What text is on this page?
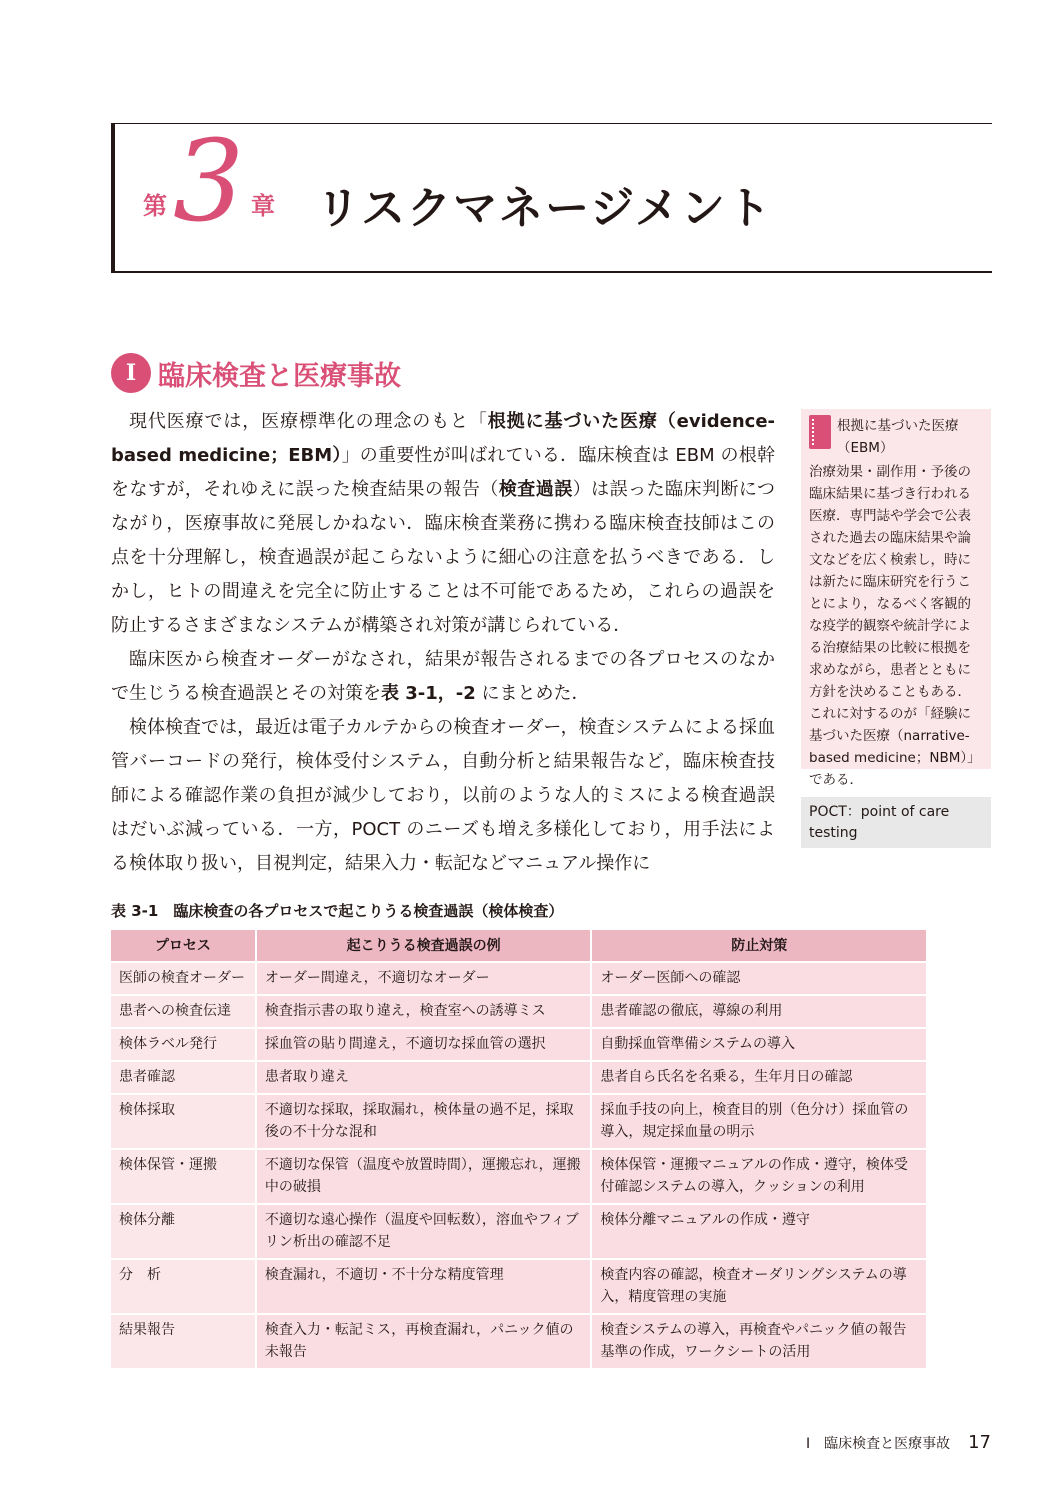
第 3 章 リスクマネージメント
I 臨床検査と医療事故

現代医療では，医療標準化の理念のもと「根拠に基づいた医療（evidence-based medicine；EBM）」の重要性が叫ばれている．臨床検査は EBM の根幹をなすが，それゆえに誤った検査結果の報告（検査過誤）は誤った臨床判断につながり，医療事故に発展しかねない．臨床検査業務に携わる臨床検査技師はこの点を十分理解し，検査過誤が起こらないように細心の注意を払うべきである．しかし，ヒトの間違えを完全に防止することは不可能であるため，これらの過誤を防止するさまざまなシステムが構築され対策が講じられている．

臨床医から検査オーダーがなされ，結果が報告されるまでの各プロセスのなかで生じうる検査過誤とその対策を表 3-1，-2 にまとめた．

検体検査では，最近は電子カルテからの検査オーダー，検査システムによる採血管バーコードの発行，検体受付システム，自動分析と結果報告など，臨床検査技師による確認作業の負担が減少しており，以前のような人的ミスによる検査過誤はだいぶ減っている．一方，POCT のニーズも増え多様化しており，用手法による検体取り扱い，目視判定，結果入力・転記などマニュアル操作に

根拠に基づいた医療（EBM）

治療効果・副作用・予後の臨床結果に基づき行われる医療．専門誌や学会で公表された過去の臨床結果や論文などを広く検索し，時には新たに臨床研究を行うことにより，なるべく客観的な疫学的観察や統計学による治療結果の比較に根拠を求めながら，患者とともに方針を決めることもある．これに対するのが「経験に基づいた医療（narrative-based medicine；NBM）」である．

POCT：point of care testing
表 3-1　臨床検査の各プロセスで起こりうる検査過誤（検体検査）
プロセス	起こりうる検査過誤の例	防止対策
医師の検査オーダー	オーダー間違え，不適切なオーダー	オーダー医師への確認
患者への検査伝達	検査指示書の取り違え，検査室への誘導ミス	患者確認の徹底，導線の利用
検体ラベル発行	採血管の貼り間違え，不適切な採血管の選択	自動採血管準備システムの導入
患者確認	患者取り違え	患者自ら氏名を名乗る，生年月日の確認
検体採取	不適切な採取，採取漏れ，検体量の過不足，採取後の不十分な混和	採血手技の向上，検査目的別（色分け）採血管の導入，規定採血量の明示
検体保管・運搬	不適切な保管（温度や放置時間），運搬忘れ，運搬中の破損	検体保管・運搬マニュアルの作成・遵守，検体受付確認システムの導入，クッションの利用
検体分離	不適切な遠心操作（温度や回転数），溶血やフィブリン析出の確認不足	検体分離マニュアルの作成・遵守
分　析	検査漏れ，不適切・不十分な精度管理	検査内容の確認，検査オーダリングシステムの導入，精度管理の実施
結果報告	検査入力・転記ミス，再検査漏れ，パニック値の未報告	検査システムの導入，再検査やパニック値の報告基準の作成，ワークシートの活用
I　臨床検査と医療事故 17
